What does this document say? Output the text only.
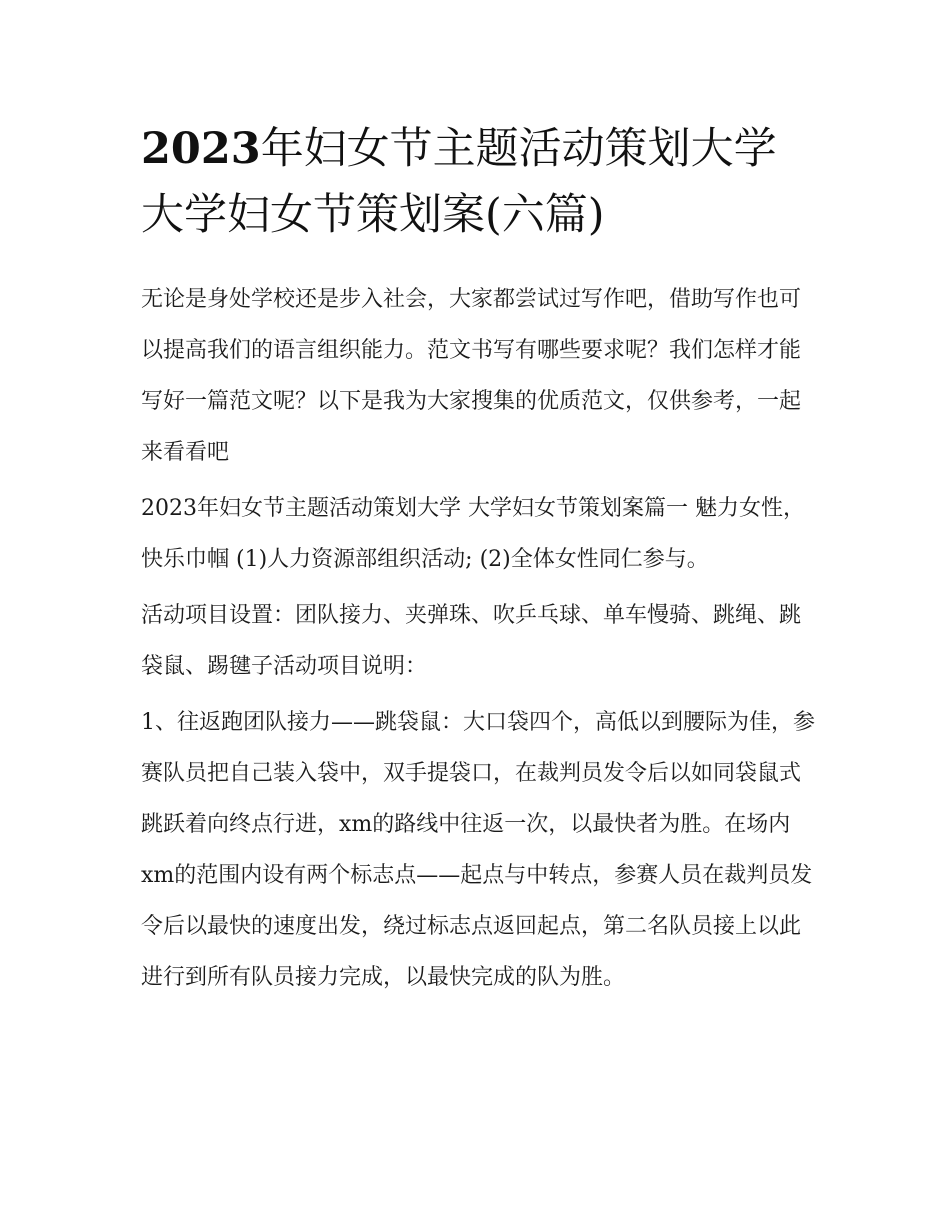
2023年妇女节主题活动策划大学 大学妇女节策划案(六篇)

无论是身处学校还是步入社会，大家都尝试过写作吧，借助写作也可以提高我们的语言组织能力。范文书写有哪些要求呢？我们怎样才能写好一篇范文呢？以下是我为大家搜集的优质范文，仅供参考，一起来看看吧

2023年妇女节主题活动策划大学 大学妇女节策划案篇一 魅力女性，快乐巾帼 (1)人力资源部组织活动; (2)全体女性同仁参与。

活动项目设置：团队接力、夹弹珠、吹乒乓球、单车慢骑、跳绳、跳袋鼠、踢毽子活动项目说明：

1、往返跑团队接力——跳袋鼠：大口袋四个，高低以到腰际为佳，参赛队员把自己装入袋中，双手提袋口，在裁判员发令后以如同袋鼠式跳跃着向终点行进，xm的路线中往返一次，以最快者为胜。在场内xm的范围内设有两个标志点——起点与中转点，参赛人员在裁判员发令后以最快的速度出发，绕过标志点返回起点，第二名队员接上以此进行到所有队员接力完成，以最快完成的队为胜。
